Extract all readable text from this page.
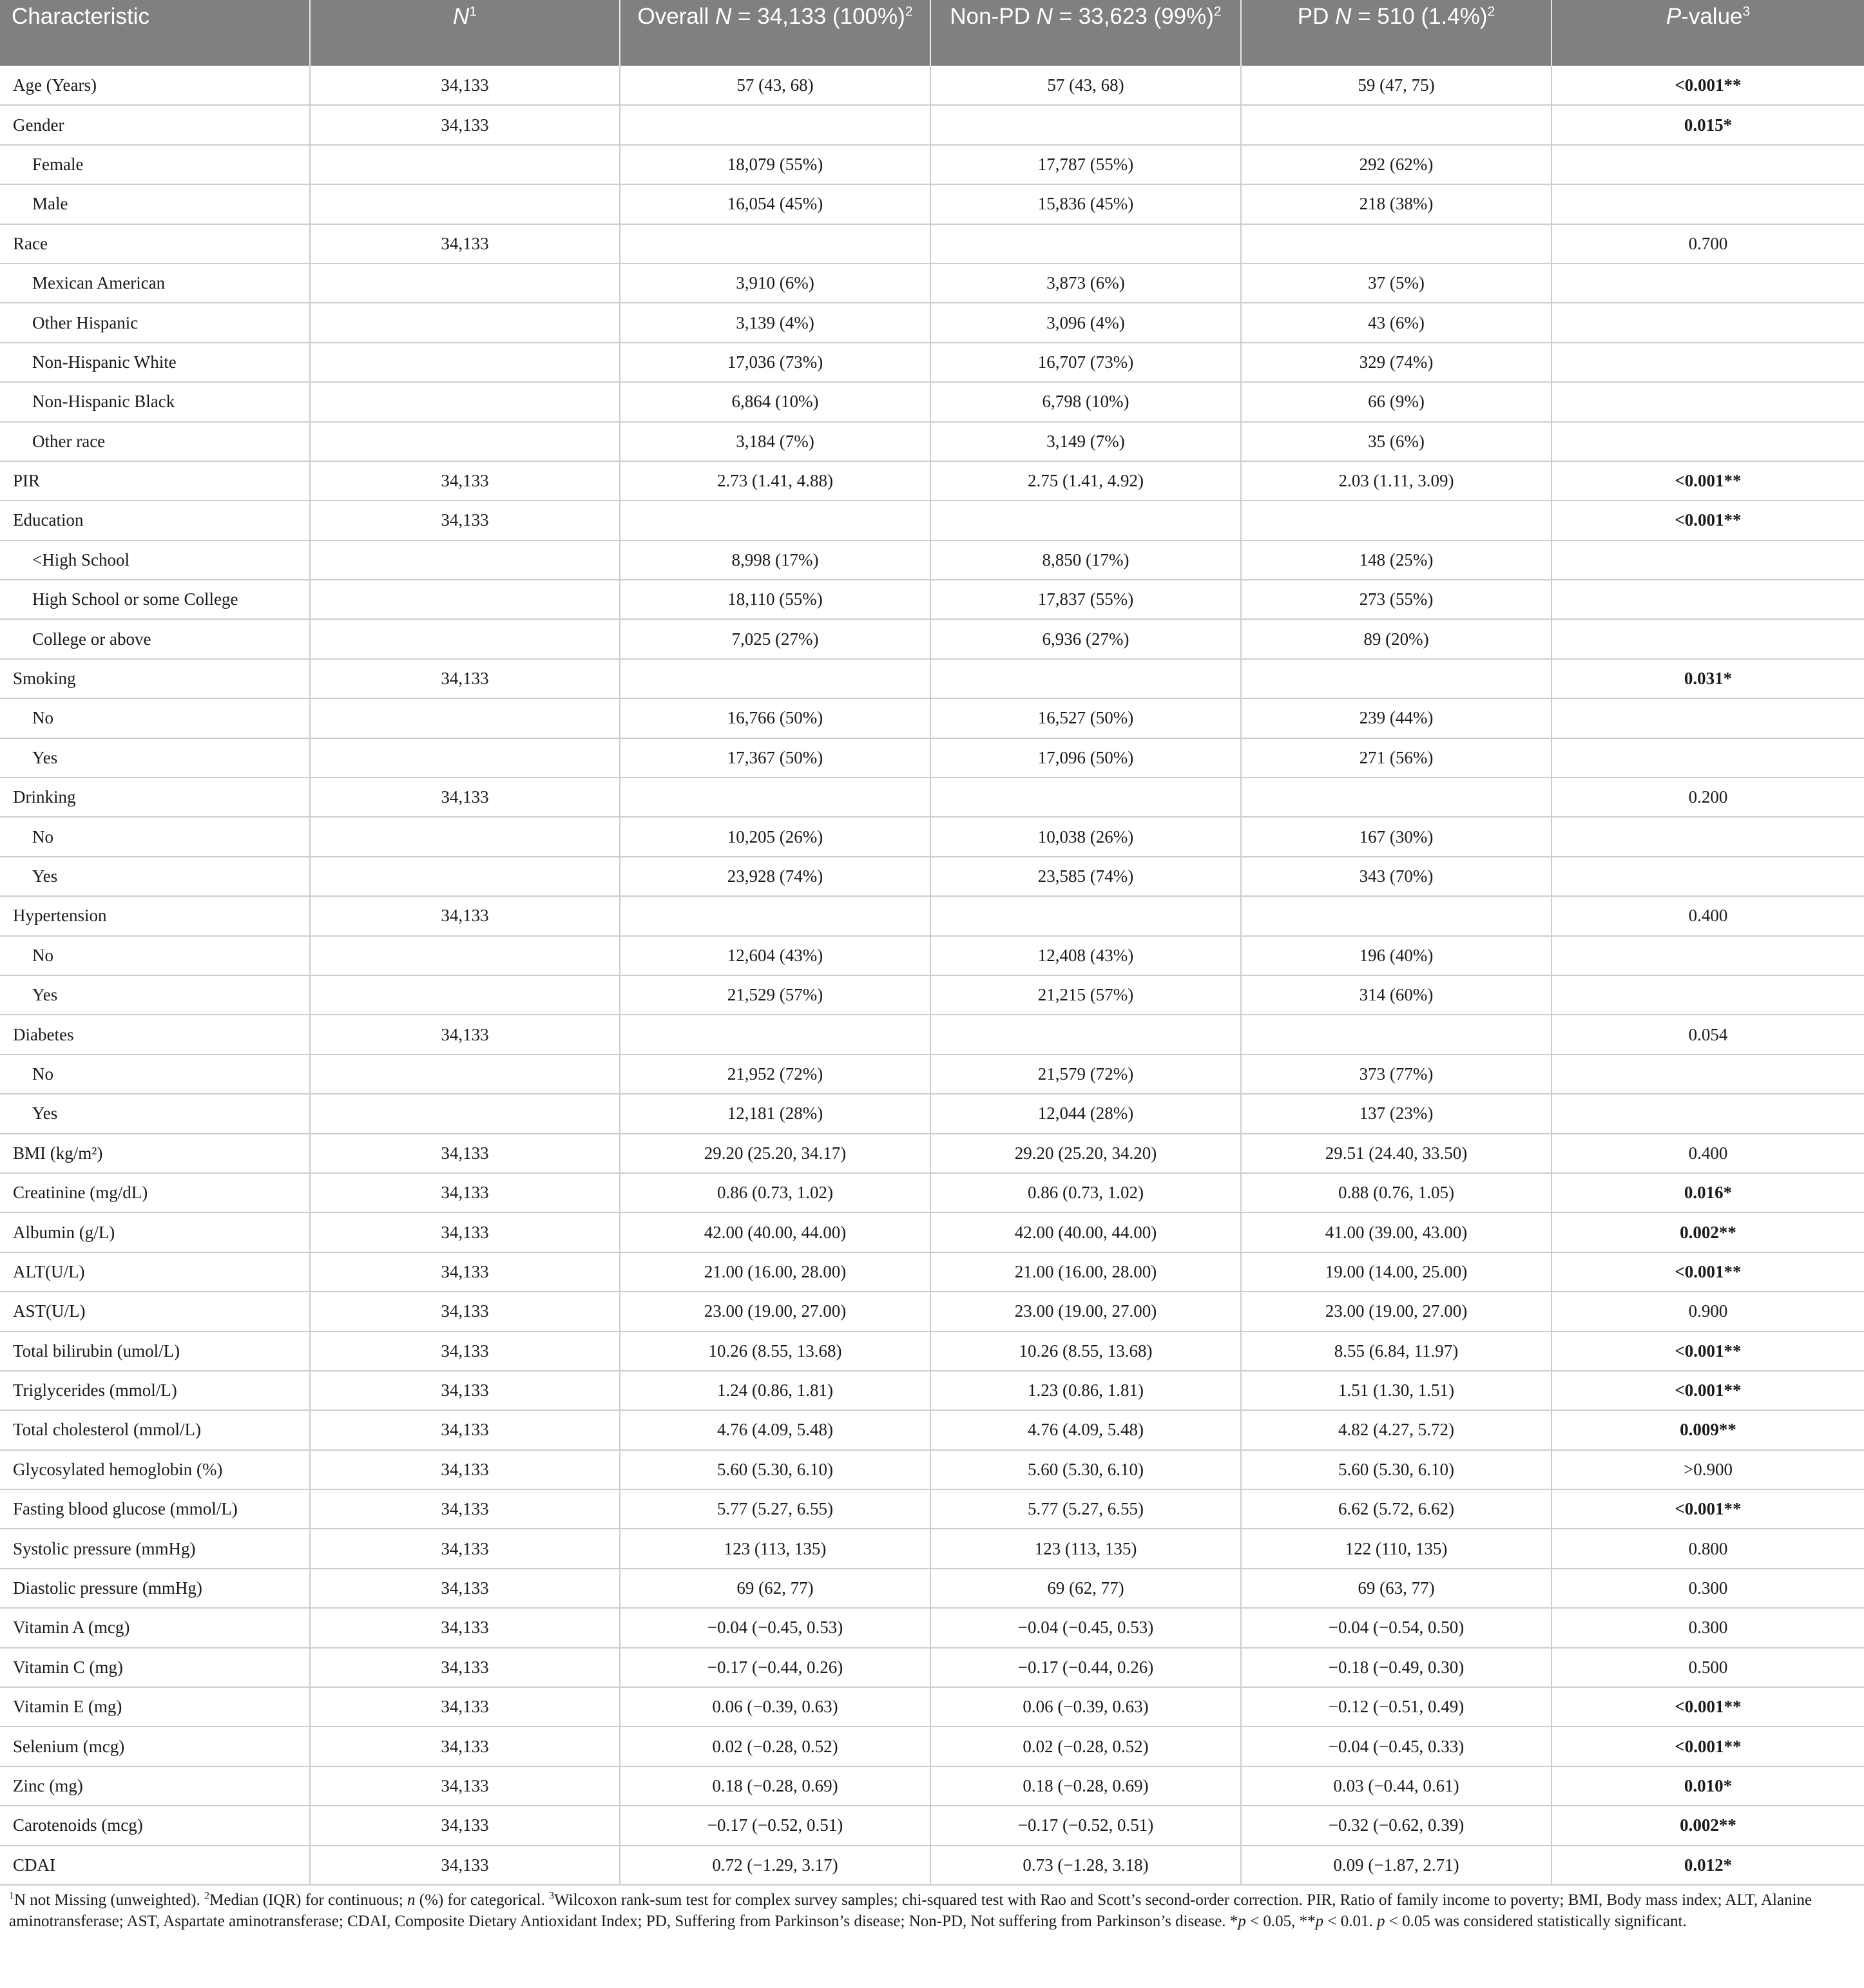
Characteristic	$N^1$	Overall N = 34,133 $(100\%)^2$	Non-PD N = 33,623 $(99\%)^2$	PD N = 510 $(1.4\%)^2$	P-value$^3$
Age (Years)	34,133	57 (43, 68)	57 (43, 68)	59 (47, 75)	<0.001**
Gender	34,133				0.015*
Female		18,079 (55%)	17,787 (55%)	292 (62%)	
Male		16,054 (45%)	15,836 (45%)	218 (38%)	
Race	34,133				0.700
Mexican American		3,910 (6%)	3,873 (6%)	37 (5%)	
Other Hispanic		3,139 (4%)	3,096 (4%)	43 (6%)	
Non-Hispanic White		17,036 (73%)	16,707 (73%)	329 (74%)	
Non-Hispanic Black		6,864 (10%)	6,798 (10%)	66 (9%)	
Other race		3,184 (7%)	3,149 (7%)	35 (6%)	
PIR	34,133	2.73 (1.41, 4.88)	2.75 (1.41, 4.92)	2.03 (1.11, 3.09)	<0.001**
Education	34,133				<0.001**
<High School		8,998 (17%)	8,850 (17%)	148 (25%)	
High School or some College		18,110 (55%)	17,837 (55%)	273 (55%)	
College or above		7,025 (27%)	6,936 (27%)	89 (20%)	
Smoking	34,133				0.031*
No		16,766 (50%)	16,527 (50%)	239 (44%)	
Yes		17,367 (50%)	17,096 (50%)	271 (56%)	
Drinking	34,133				0.200
No		10,205 (26%)	10,038 (26%)	167 (30%)	
Yes		23,928 (74%)	23,585 (74%)	343 (70%)	
Hypertension	34,133				0.400
No		12,604 (43%)	12,408 (43%)	196 (40%)	
Yes		21,529 (57%)	21,215 (57%)	314 (60%)	
Diabetes	34,133				0.054
No		21,952 (72%)	21,579 (72%)	373 (77%)	
Yes		12,181 (28%)	12,044 (28%)	137 (23%)	
BMI (kg/m²)	34,133	29.20 (25.20, 34.17)	29.20 (25.20, 34.20)	29.51 (24.40, 33.50)	0.400
Creatinine (mg/dL)	34,133	0.86 (0.73, 1.02)	0.86 (0.73, 1.02)	0.88 (0.76, 1.05)	0.016*
Albumin (g/L)	34,133	42.00 (40.00, 44.00)	42.00 (40.00, 44.00)	41.00 (39.00, 43.00)	0.002**
ALT(U/L)	34,133	21.00 (16.00, 28.00)	21.00 (16.00, 28.00)	19.00 (14.00, 25.00)	<0.001**
AST(U/L)	34,133	23.00 (19.00, 27.00)	23.00 (19.00, 27.00)	23.00 (19.00, 27.00)	0.900
Total bilirubin (umol/L)	34,133	10.26 (8.55, 13.68)	10.26 (8.55, 13.68)	8.55 (6.84, 11.97)	<0.001**
Triglycerides (mmol/L)	34,133	1.24 (0.86, 1.81)	1.23 (0.86, 1.81)	1.51 (1.30, 1.51)	<0.001**
Total cholesterol (mmol/L)	34,133	4.76 (4.09, 5.48)	4.76 (4.09, 5.48)	4.82 (4.27, 5.72)	0.009**
Glycosylated hemoglobin (%)	34,133	5.60 (5.30, 6.10)	5.60 (5.30, 6.10)	5.60 (5.30, 6.10)	>0.900
Fasting blood glucose (mmol/L)	34,133	5.77 (5.27, 6.55)	5.77 (5.27, 6.55)	6.62 (5.72, 6.62)	<0.001**
Systolic pressure (mmHg)	34,133	123 (113, 135)	123 (113, 135)	122 (110, 135)	0.800
Diastolic pressure (mmHg)	34,133	69 (62, 77)	69 (62, 77)	69 (63, 77)	0.300
Vitamin A (mcg)	34,133	−0.04 (−0.45, 0.53)	−0.04 (−0.45, 0.53)	−0.04 (−0.54, 0.50)	0.300
Vitamin C (mg)	34,133	−0.17 (−0.44, 0.26)	−0.17 (−0.44, 0.26)	−0.18 (−0.49, 0.30)	0.500
Vitamin E (mg)	34,133	0.06 (−0.39, 0.63)	0.06 (−0.39, 0.63)	−0.12 (−0.51, 0.49)	<0.001**
Selenium (mcg)	34,133	0.02 (−0.28, 0.52)	0.02 (−0.28, 0.52)	−0.04 (−0.45, 0.33)	<0.001**
Zinc (mg)	34,133	0.18 (−0.28, 0.69)	0.18 (−0.28, 0.69)	0.03 (−0.44, 0.61)	0.010*
Carotenoids (mcg)	34,133	−0.17 (−0.52, 0.51)	−0.17 (−0.52, 0.51)	−0.32 (−0.62, 0.39)	0.002**
CDAI	34,133	0.72 (−1.29, 3.17)	0.73 (−1.28, 3.18)	0.09 (−1.87, 2.71)	0.012*
$^1$N not Missing (unweighted). $^2$Median (IQR) for continuous; n (%) for categorical. $^3$Wilcoxon rank-sum test for complex survey samples; chi-squared test with Rao and Scott’s second-order correction. PIR, Ratio of family income to poverty; BMI, Body mass index; ALT, Alanine aminotransferase; AST, Aspartate aminotransferase; CDAI, Composite Dietary Antioxidant Index; PD, Suffering from Parkinson’s disease; Non-PD, Not suffering from Parkinson’s disease. *p < 0.05, **p < 0.01. p < 0.05 was considered statistically significant.
